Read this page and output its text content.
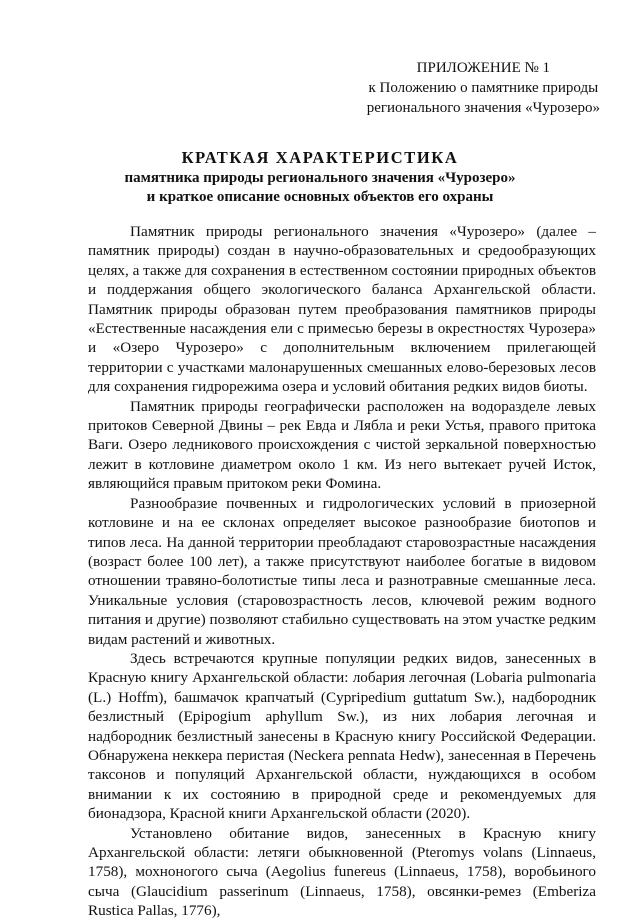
ПРИЛОЖЕНИЕ № 1
к Положению о памятнике природы
регионального значения «Чурозеро»
КРАТКАЯ ХАРАКТЕРИСТИКА
памятника природы регионального значения «Чурозеро»
и краткое описание основных объектов его охраны

Памятник природы регионального значения «Чурозеро» (далее – памятник природы) создан в научно-образовательных и средообразующих целях, а также для сохранения в естественном состоянии природных объектов и поддержания общего экологического баланса Архангельской области. Памятник природы образован путем преобразования памятников природы «Естественные насаждения ели с примесью березы в окрестностях Чурозера» и «Озеро Чурозеро» с дополнительным включением прилегающей территории с участками малонарушенных смешанных елово-березовых лесов для сохранения гидрорежима озера и условий обитания редких видов биоты.

Памятник природы географически расположен на водоразделе левых притоков Северной Двины – рек Евда и Лябла и реки Устья, правого притока Ваги. Озеро ледникового происхождения с чистой зеркальной поверхностью лежит в котловине диаметром около 1 км. Из него вытекает ручей Исток, являющийся правым притоком реки Фомина.

Разнообразие почвенных и гидрологических условий в приозерной котловине и на ее склонах определяет высокое разнообразие биотопов и типов леса. На данной территории преобладают старовозрастные насаждения (возраст более 100 лет), а также присутствуют наиболее богатые в видовом отношении травяно-болотистые типы леса и разнотравные смешанные леса. Уникальные условия (старовозрастность лесов, ключевой режим водного питания и другие) позволяют стабильно существовать на этом участке редким видам растений и животных.

Здесь встречаются крупные популяции редких видов, занесенных в Красную книгу Архангельской области: лобария легочная (Lobaria pulmonaria (L.) Hoffm), башмачок крапчатый (Cypripedium guttatum Sw.), надбородник безлистный (Epipogium aphyllum Sw.), из них лобария легочная и надбородник безлистный занесены в Красную книгу Российской Федерации. Обнаружена неккера перистая (Neckera pennata Hedw), занесенная в Перечень таксонов и популяций Архангельской области, нуждающихся в особом внимании к их состоянию в природной среде и рекомендуемых для бионадзора, Красной книги Архангельской области (2020).

Установлено обитание видов, занесенных в Красную книгу Архангельской области: летяги обыкновенной (Pteromys volans (Linnaeus, 1758), мохноногого сыча (Aegolius funereus (Linnaeus, 1758), воробьиного сыча (Glaucidium passerinum (Linnaeus, 1758), овсянки-ремез (Emberiza Rustica Pallas, 1776),
